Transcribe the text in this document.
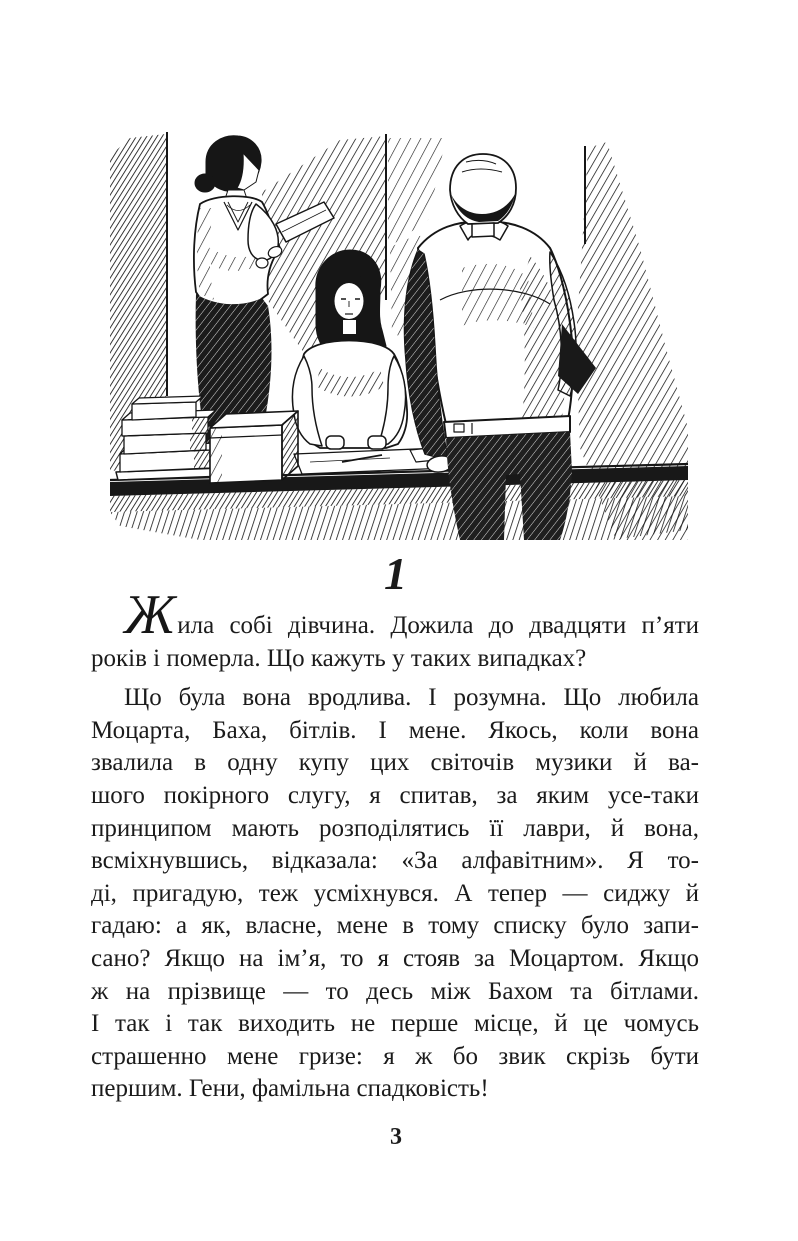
1
Жила собі дівчина. Дожила до двадцяти п’яти
років і померла. Що кажуть у таких випадках?
Що була вона вродлива. І розумна. Що любила
Моцарта, Баха, бітлів. І мене. Якось, коли вона
звалила в одну купу цих світочів музики й ва-
шого покірного слугу, я спитав, за яким усе-таки
принципом мають розподілятись її лаври, й вона,
всміхнувшись, відказала: «За алфавітним». Я то-
ді, пригадую, теж усміхнувся. А тепер — сиджу й
гадаю: а як, власне, мене в тому списку було запи-
сано? Якщо на ім’я, то я стояв за Моцартом. Якщо
ж на прізвище — то десь між Бахом та бітлами.
І так і так виходить не перше місце, й це чомусь
страшенно мене гризе: я ж бо звик скрізь бути
першим. Гени, фамільна спадковість!
3
